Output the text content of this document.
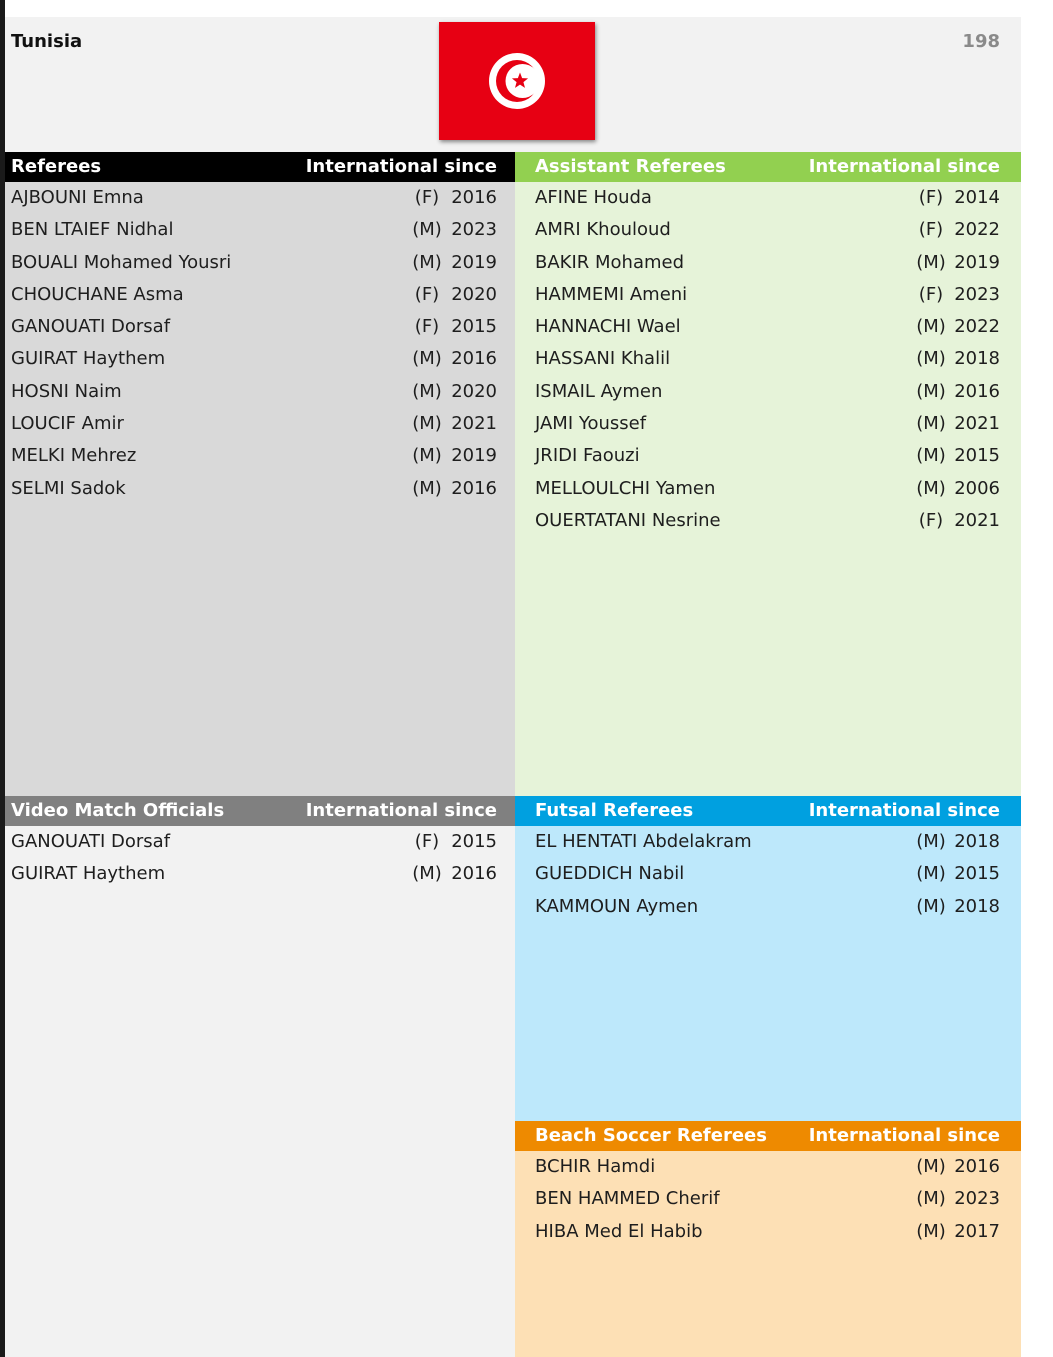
Tunisia	198
Referees	International since
AJBOUNI Emna	(F) 2016
BEN LTAIEF Nidhal	(M) 2023
BOUALI Mohamed Yousri	(M) 2019
CHOUCHANE Asma	(F) 2020
GANOUATI Dorsaf	(F) 2015
GUIRAT Haythem	(M) 2016
HOSNI Naim	(M) 2020
LOUCIF Amir	(M) 2021
MELKI Mehrez	(M) 2019
SELMI Sadok	(M) 2016
Assistant Referees	International since
AFINE Houda	(F) 2014
AMRI Khouloud	(F) 2022
BAKIR Mohamed	(M) 2019
HAMMEMI Ameni	(F) 2023
HANNACHI Wael	(M) 2022
HASSANI Khalil	(M) 2018
ISMAIL Aymen	(M) 2016
JAMI Youssef	(M) 2021
JRIDI Faouzi	(M) 2015
MELLOULCHI Yamen	(M) 2006
OUERTATANI Nesrine	(F) 2021
Video Match Officials	International since
GANOUATI Dorsaf	(F) 2015
GUIRAT Haythem	(M) 2016
Futsal Referees	International since
EL HENTATI Abdelakram	(M) 2018
GUEDDICH Nabil	(M) 2015
KAMMOUN Aymen	(M) 2018
Beach Soccer Referees International since
BCHIR Hamdi	(M) 2016
BEN HAMMED Cherif	(M) 2023
HIBA Med El Habib	(M) 2017
